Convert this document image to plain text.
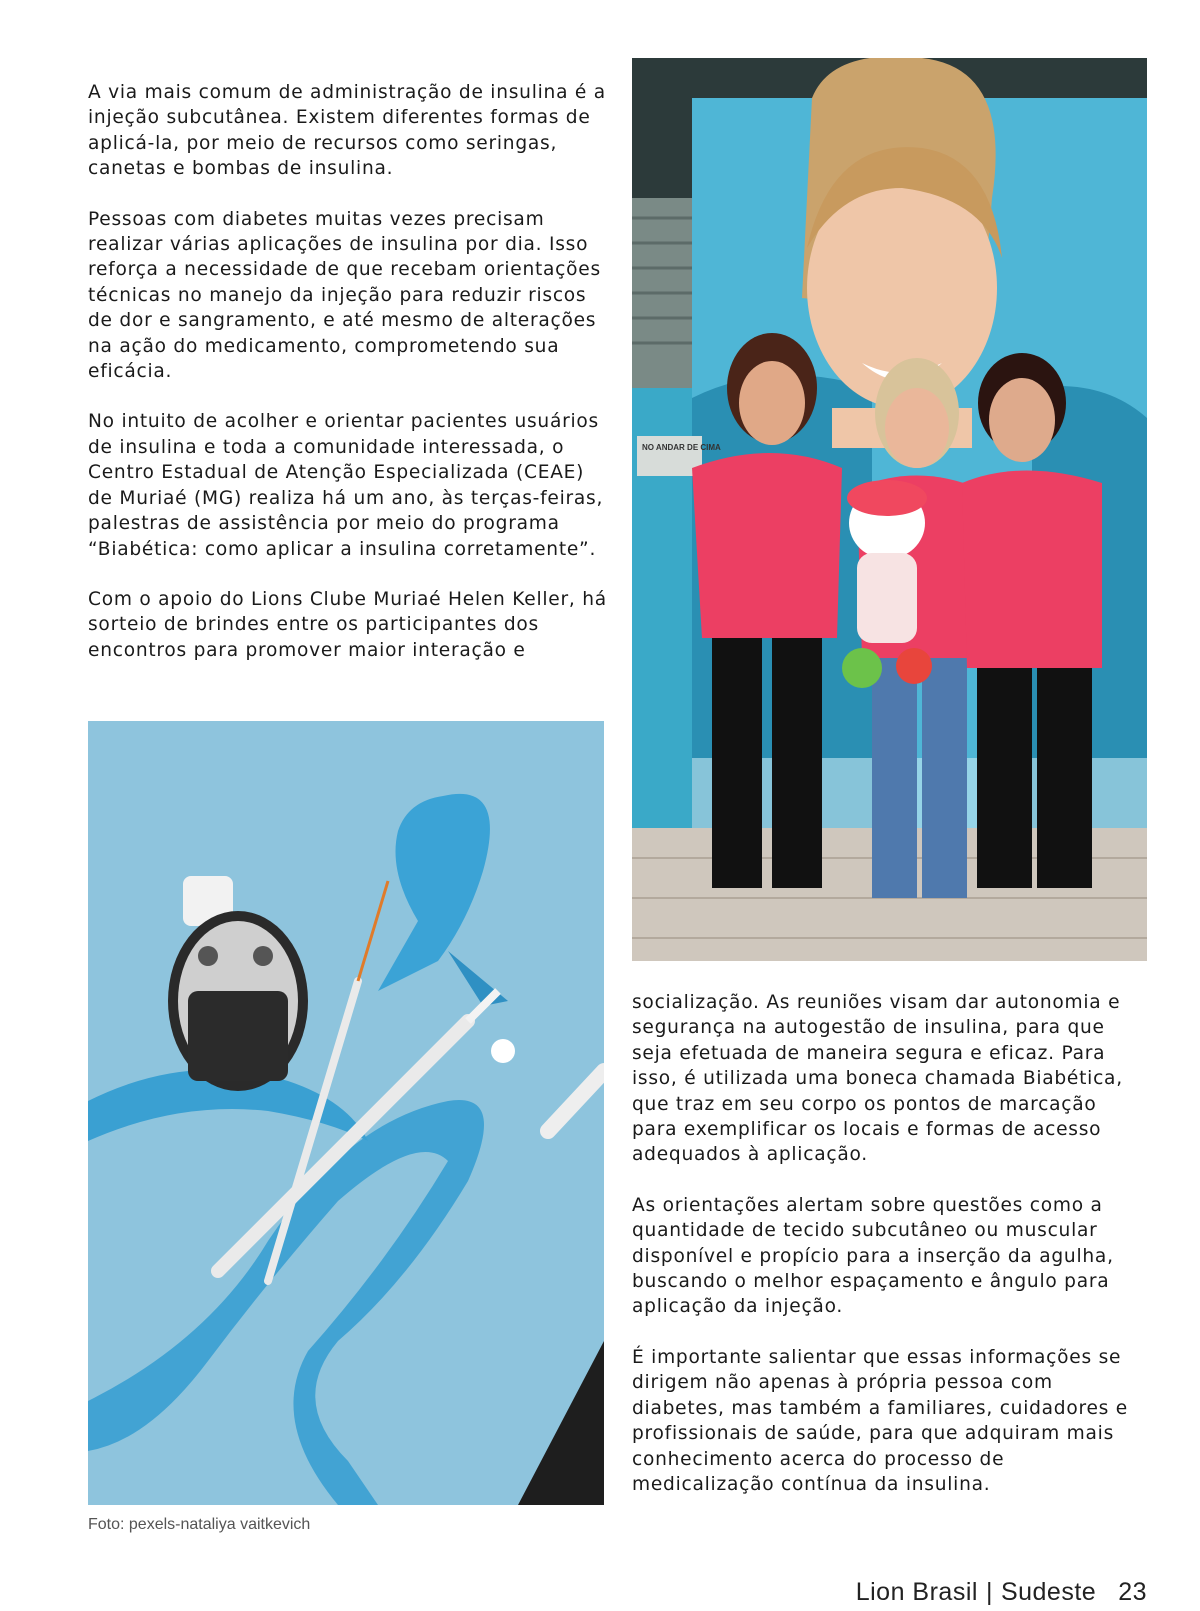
A via mais comum de administração de insulina é a injeção subcutânea. Existem diferentes formas de aplicá-la, por meio de recursos como seringas, canetas e bombas de insulina.

Pessoas com diabetes muitas vezes precisam realizar várias aplicações de insulina por dia. Isso reforça a necessidade de que recebam orientações técnicas no manejo da injeção para reduzir riscos de dor e sangramento, e até mesmo de alterações na ação do medicamento, comprometendo sua eficácia.

No intuito de acolher e orientar pacientes usuários de insulina e toda a comunidade interessada, o Centro Estadual de Atenção Especializada (CEAE) de Muriaé (MG) realiza há um ano, às terças-feiras, palestras de assistência por meio do programa “Biabética: como aplicar a insulina corretamente”.

Com o apoio do Lions Clube Muriaé Helen Keller, há sorteio de brindes entre os participantes dos encontros para promover maior interação e

NO ANDAR DE CIMA

socialização. As reuniões visam dar autonomia e segurança na autogestão de insulina, para que seja efetuada de maneira segura e eficaz. Para isso, é utilizada uma boneca chamada Biabética, que traz em seu corpo os pontos de marcação para exemplificar os locais e formas de acesso adequados à aplicação.

As orientações alertam sobre questões como a quantidade de tecido subcutâneo ou muscular disponível e propício para a inserção da agulha, buscando o melhor espaçamento e ângulo para aplicação da injeção.

É importante salientar que essas informações se dirigem não apenas à própria pessoa com diabetes, mas também a familiares, cuidadores e profissionais de saúde, para que adquiram mais conhecimento acerca do processo de medicalização contínua da insulina.

Foto: pexels-nataliya vaitkevich
Lion Brasil | Sudeste 23
